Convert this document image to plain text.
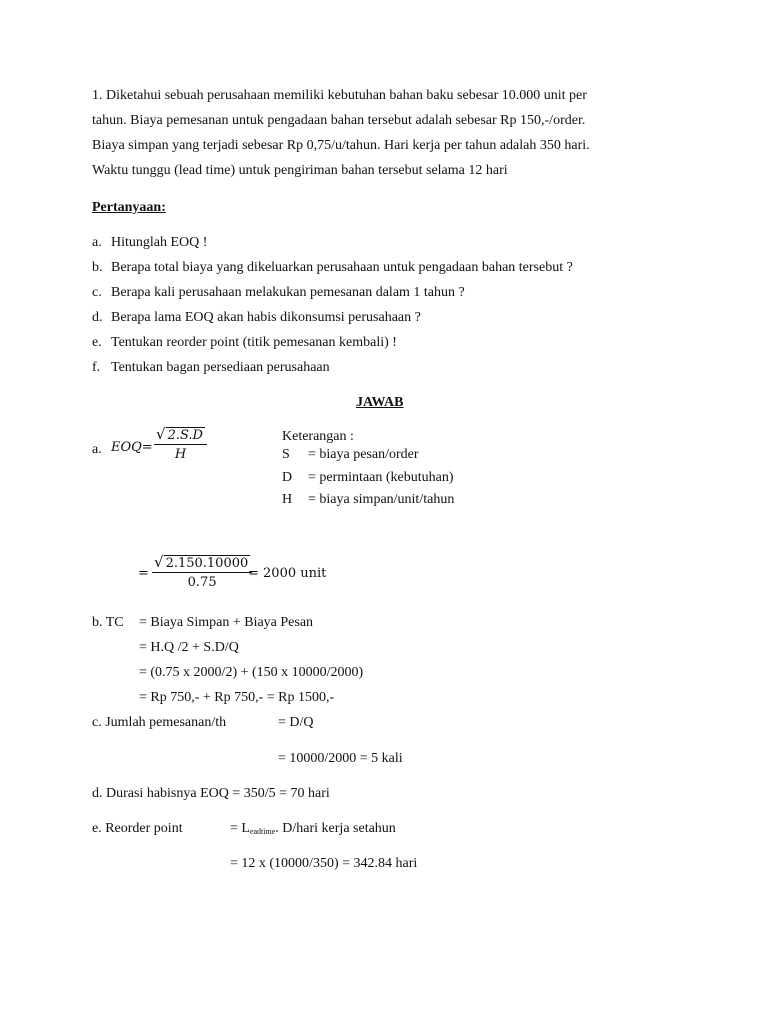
1. Diketahui sebuah perusahaan memiliki kebutuhan bahan baku sebesar 10.000 unit per
tahun. Biaya pemesanan untuk pengadaan bahan tersebut adalah sebesar Rp 150,-/order.
Biaya simpan yang terjadi sebesar Rp 0,75/u/tahun. Hari kerja per tahun adalah 350 hari.
Waktu tunggu (lead time) untuk pengiriman bahan tersebut selama 12 hari
Pertanyaan:
a. Hitunglah EOQ !
b. Berapa total biaya yang dikeluarkan perusahaan untuk pengadaan bahan tersebut ?
c. Berapa kali perusahaan melakukan pemesanan dalam 1 tahun ?
d. Berapa lama EOQ akan habis dikonsumsi perusahaan ?
e. Tentukan reorder point (titik pemesanan kembali) !
f. Tentukan bagan persediaan perusahaan
JAWAB
a. $EOQ= \frac{√ 2.S.D}{H}$	Keterangan :
S = biaya pesan/order
D = permintaan (kebutuhan)
H = biaya simpan/unit/tahun
= $\frac{√ 2.150.10000}{0.75}$
= 2000 unit
b. TC = Biaya Simpan + Biaya Pesan
= H.Q /2 + S.D/Q
= (0.75 x 2000/2) + (150 x 10000/2000)
= Rp 750,- + Rp 750,- = Rp 1500,-
c. Jumlah pemesanan/th	= D/Q
= 10000/2000 = 5 kali
d. Durasi habisnya EOQ = 350/5 = 70 hari
e. Reorder point	= $L_{eadtime}$. D/hari kerja setahun
= 12 x (10000/350) = 342.84 hari
